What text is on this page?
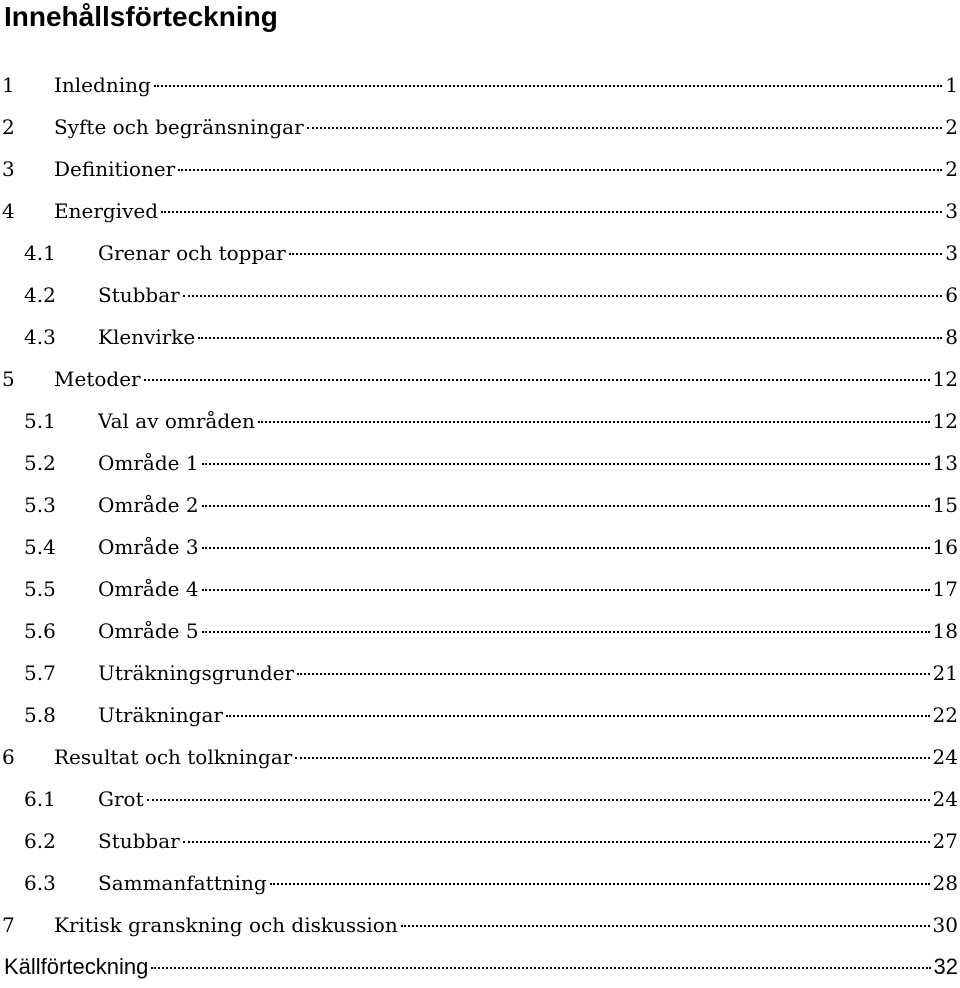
Innehållsförteckning
1	Inledning	1
2	Syfte och begränsningar	2
3	Definitioner	2
4	Energived	3
4.1	Grenar och toppar	3
4.2	Stubbar	6
4.3	Klenvirke	8
5	Metoder	12
5.1	Val av områden	12
5.2	Område 1	13
5.3	Område 2	15
5.4	Område 3	16
5.5	Område 4	17
5.6	Område 5	18
5.7	Uträkningsgrunder	21
5.8	Uträkningar	22
6	Resultat och tolkningar	24
6.1	Grot	24
6.2	Stubbar	27
6.3	Sammanfattning	28
7	Kritisk granskning och diskussion	30
Källförteckning	32
